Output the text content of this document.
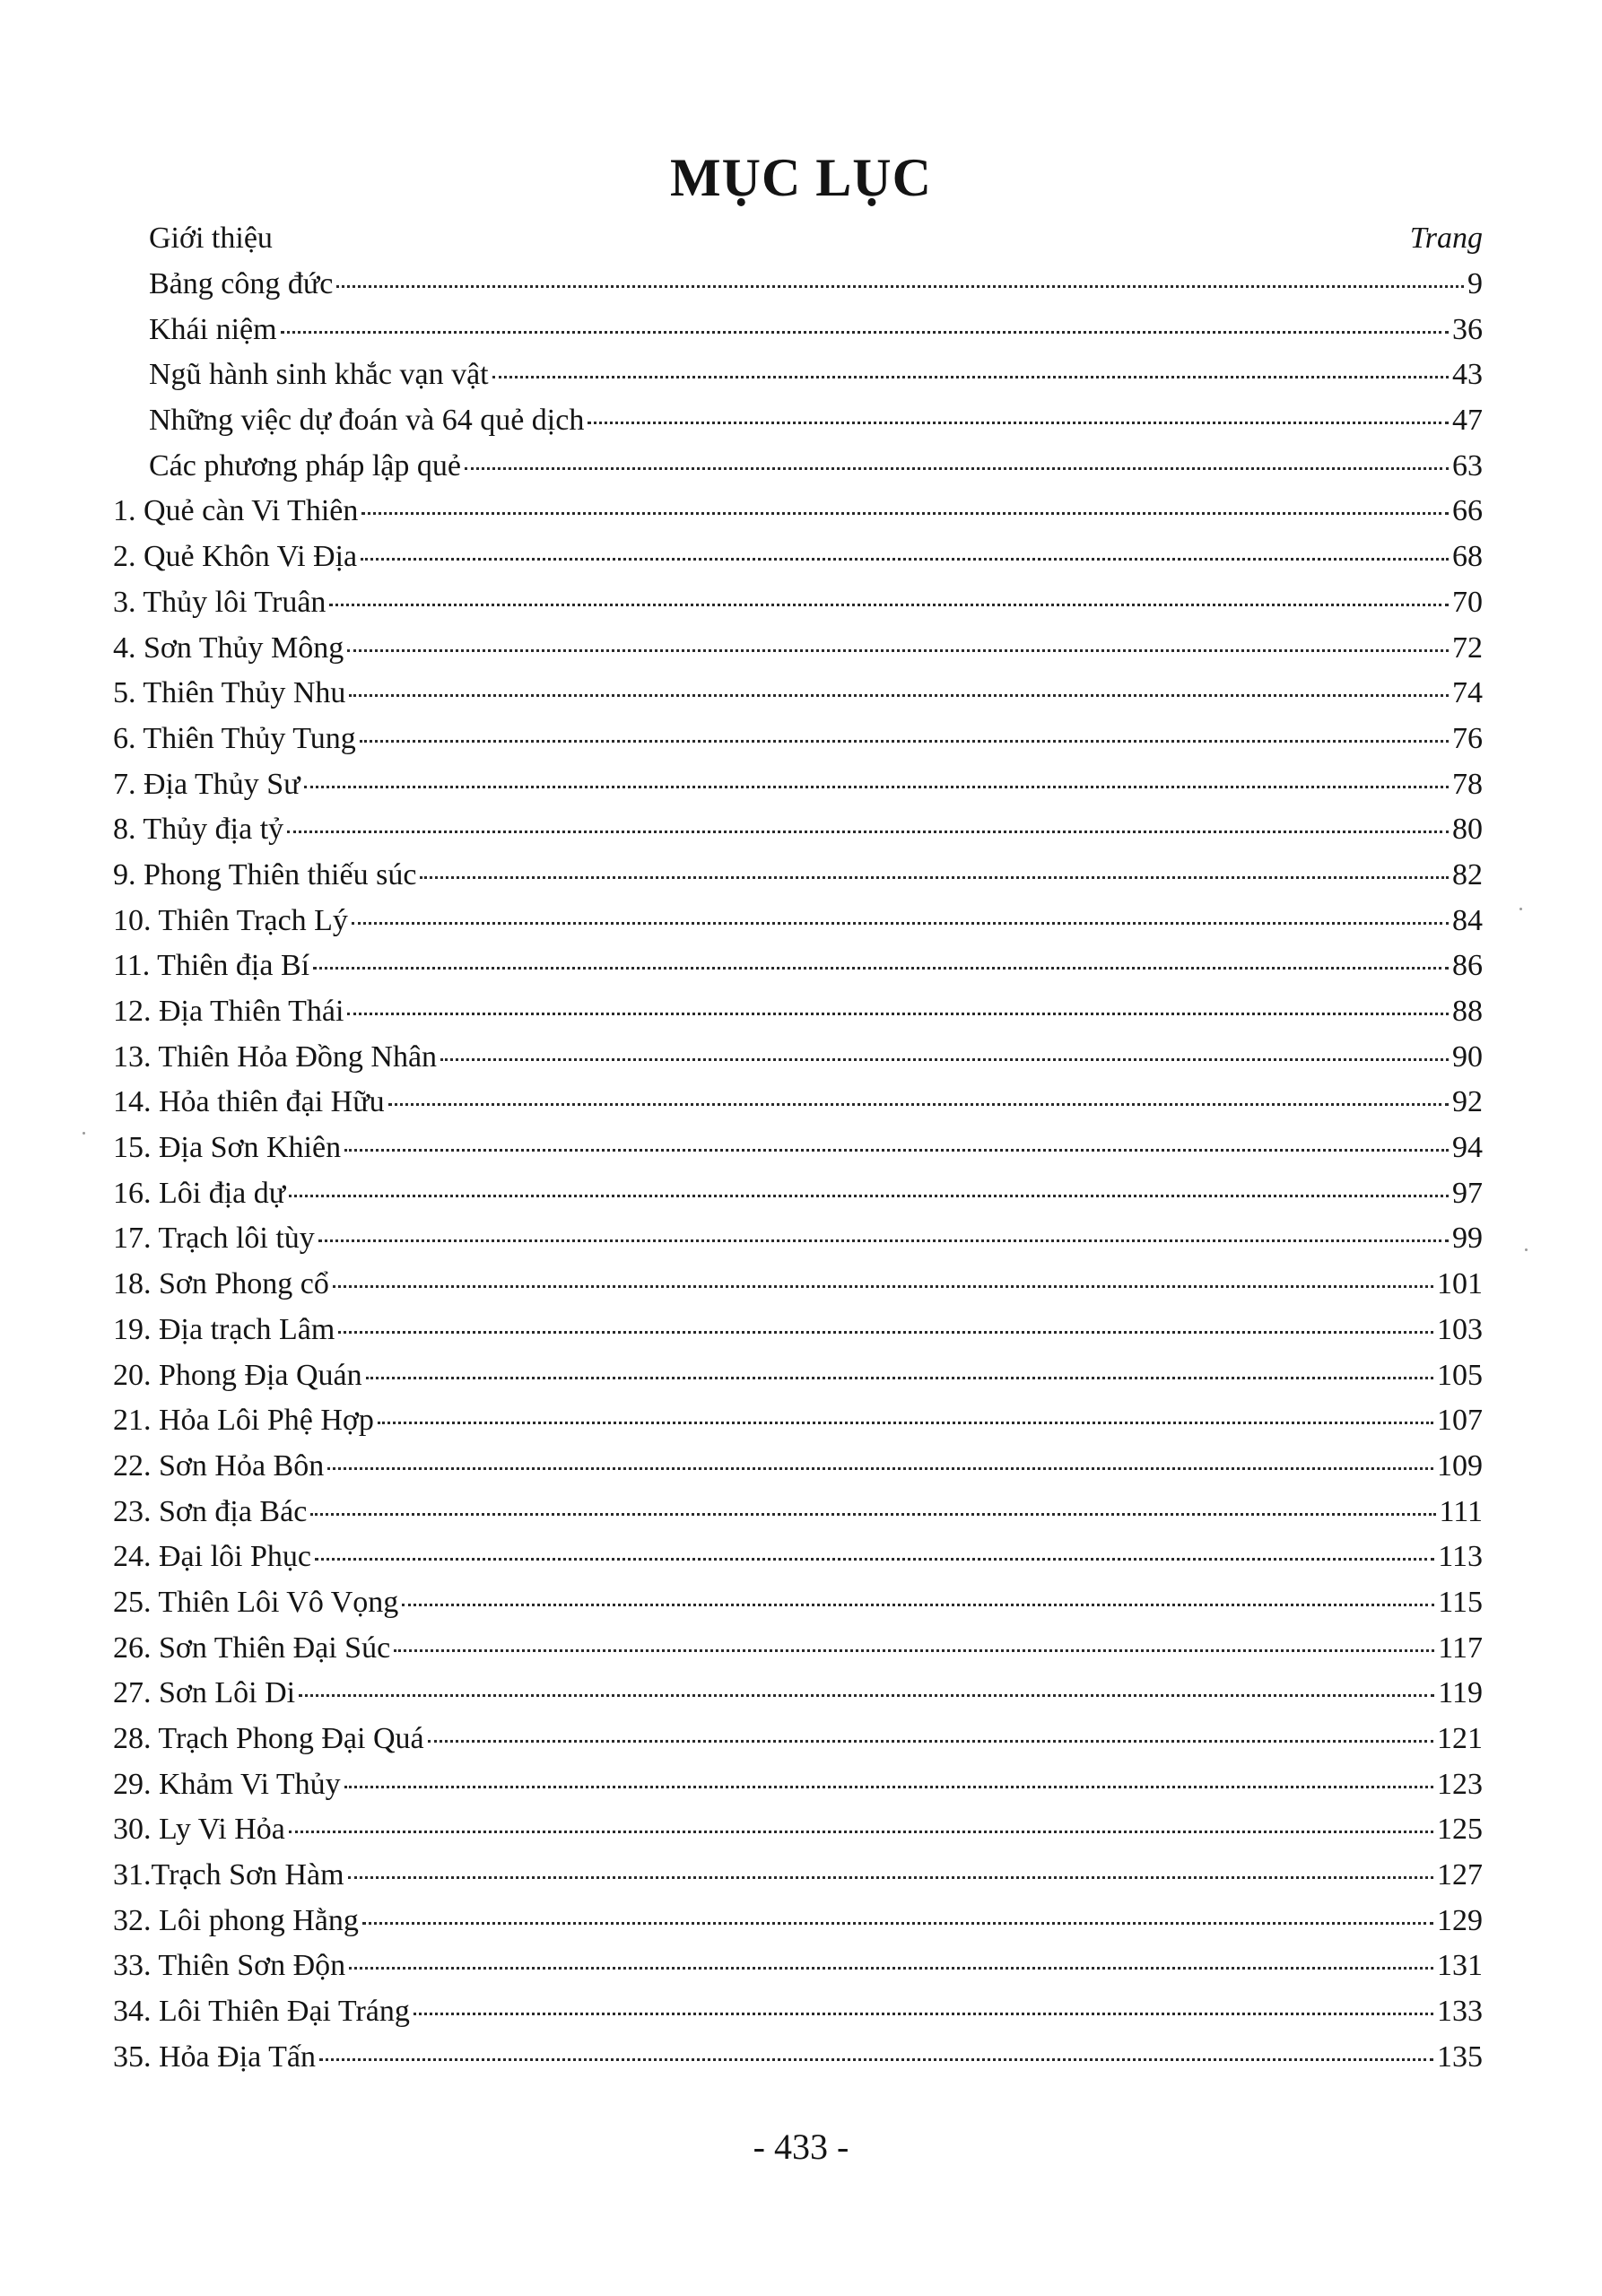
MỤC LỤC
Giới thiệu	Trang
Bảng công đức	9
Khái niệm	36
Ngũ hành sinh khắc vạn vật	43
Những việc dự đoán và 64 quẻ dịch	47
Các phương pháp lập quẻ	63
1. Quẻ càn Vi Thiên	66
2. Quẻ Khôn Vi Địa	68
3. Thủy lôi Truân	70
4. Sơn Thủy Mông	72
5. Thiên Thủy Nhu	74
6. Thiên Thủy Tung	76
7. Địa Thủy Sư	78
8. Thủy địa tỷ	80
9. Phong Thiên thiếu súc	82
10. Thiên Trạch Lý	84
11. Thiên địa Bí	86
12. Địa Thiên Thái	88
13. Thiên Hỏa Đồng Nhân	90
14. Hỏa thiên đại Hữu	92
15. Địa Sơn Khiên	94
16. Lôi địa dự	97
17. Trạch lôi tùy	99
18. Sơn Phong cổ	101
19. Địa trạch Lâm	103
20. Phong Địa Quán	105
21. Hỏa Lôi Phệ Hợp	107
22. Sơn Hỏa Bôn	109
23. Sơn địa Bác	111
24. Đại lôi Phục	113
25. Thiên Lôi Vô Vọng	115
26. Sơn Thiên Đại Súc	117
27. Sơn Lôi Di	119
28. Trạch Phong Đại Quá	121
29. Khảm Vi Thủy	123
30. Ly Vi Hỏa	125
31.Trạch Sơn Hàm	127
32. Lôi phong Hằng	129
33. Thiên Sơn Độn	131
34. Lôi Thiên Đại Tráng	133
35. Hỏa Địa Tấn	135
- 433 -
